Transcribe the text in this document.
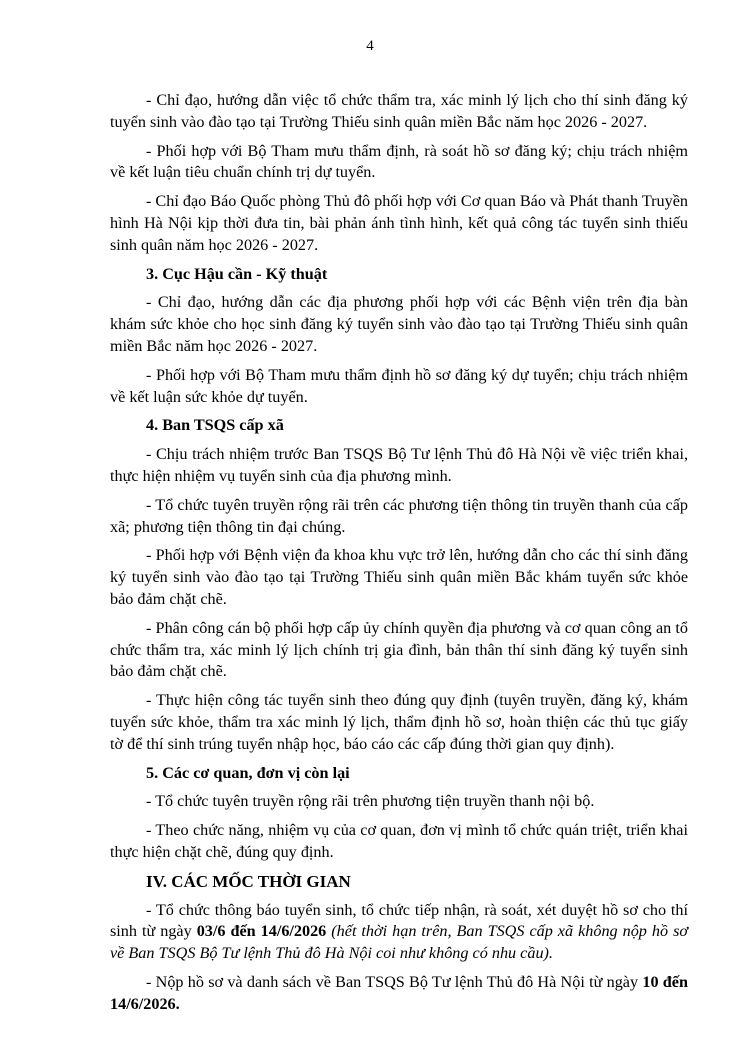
4

- Chỉ đạo, hướng dẫn việc tổ chức thẩm tra, xác minh lý lịch cho thí sinh đăng ký tuyển sinh vào đào tạo tại Trường Thiếu sinh quân miền Bắc năm học 2026 - 2027.

- Phối hợp với Bộ Tham mưu thẩm định, rà soát hồ sơ đăng ký; chịu trách nhiệm về kết luận tiêu chuẩn chính trị dự tuyển.

- Chỉ đạo Báo Quốc phòng Thủ đô phối hợp với Cơ quan Báo và Phát thanh Truyền hình Hà Nội kịp thời đưa tin, bài phản ánh tình hình, kết quả công tác tuyển sinh thiếu sinh quân năm học 2026 - 2027.

3. Cục Hậu cần - Kỹ thuật

- Chỉ đạo, hướng dẫn các địa phương phối hợp với các Bệnh viện trên địa bàn khám sức khỏe cho học sinh đăng ký tuyển sinh vào đào tạo tại Trường Thiếu sinh quân miền Bắc năm học 2026 - 2027.

- Phối hợp với Bộ Tham mưu thẩm định hồ sơ đăng ký dự tuyển; chịu trách nhiệm về kết luận sức khỏe dự tuyển.

4. Ban TSQS cấp xã

- Chịu trách nhiệm trước Ban TSQS Bộ Tư lệnh Thủ đô Hà Nội về việc triển khai, thực hiện nhiệm vụ tuyển sinh của địa phương mình.

- Tổ chức tuyên truyền rộng rãi trên các phương tiện thông tin truyền thanh của cấp xã; phương tiện thông tin đại chúng.

- Phối hợp với Bệnh viện đa khoa khu vực trở lên, hướng dẫn cho các thí sinh đăng ký tuyển sinh vào đào tạo tại Trường Thiếu sinh quân miền Bắc khám tuyển sức khỏe bảo đảm chặt chẽ.

- Phân công cán bộ phối hợp cấp ủy chính quyền địa phương và cơ quan công an tổ chức thẩm tra, xác minh lý lịch chính trị gia đình, bản thân thí sinh đăng ký tuyển sinh bảo đảm chặt chẽ.

- Thực hiện công tác tuyển sinh theo đúng quy định (tuyên truyền, đăng ký, khám tuyển sức khỏe, thẩm tra xác minh lý lịch, thẩm định hồ sơ, hoàn thiện các thủ tục giấy tờ để thí sinh trúng tuyển nhập học, báo cáo các cấp đúng thời gian quy định).

5. Các cơ quan, đơn vị còn lại

- Tổ chức tuyên truyền rộng rãi trên phương tiện truyền thanh nội bộ.

- Theo chức năng, nhiệm vụ của cơ quan, đơn vị mình tổ chức quán triệt, triển khai thực hiện chặt chẽ, đúng quy định.

IV. CÁC MỐC THỜI GIAN

- Tổ chức thông báo tuyển sinh, tổ chức tiếp nhận, rà soát, xét duyệt hồ sơ cho thí sinh từ ngày 03/6 đến 14/6/2026 (hết thời hạn trên, Ban TSQS cấp xã không nộp hồ sơ về Ban TSQS Bộ Tư lệnh Thủ đô Hà Nội coi như không có nhu cầu).

- Nộp hồ sơ và danh sách về Ban TSQS Bộ Tư lệnh Thủ đô Hà Nội từ ngày 10 đến 14/6/2026.
